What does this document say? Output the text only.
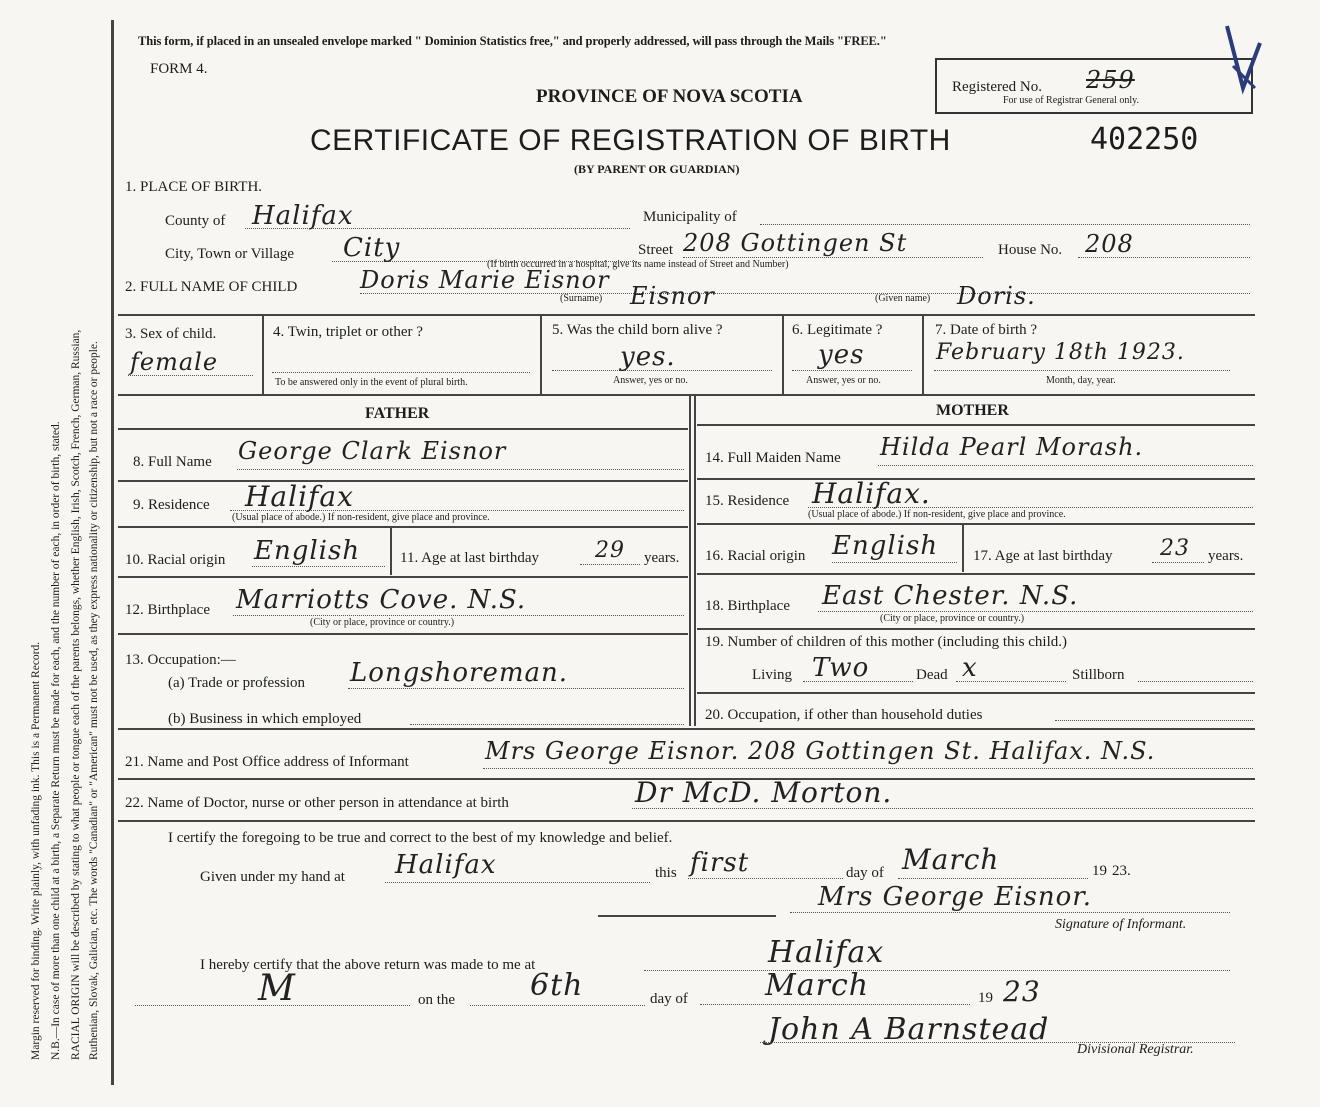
Margin reserved for binding. Write plainly, with unfading ink. This is a Permanent Record. N.B.—In case of more than one child at a birth, a Separate Return must be made for each, and the number of each, in order of birth, stated. RACIAL ORIGIN will be described by stating to what people or tongue each of the parents belongs, whether English, Irish, Scotch, French, German, Russian, Ruthenian, Slovak, Galician, etc. The words "Canadian" or "American" must not be used, as they express nationality or citizenship, but not a race or people.
This form, if placed in an unsealed envelope marked " Dominion Statistics free," and properly addressed, will pass through the Mails "FREE."
FORM 4.
PROVINCE OF NOVA SCOTIA
CERTIFICATE OF REGISTRATION OF BIRTH	402250
(BY PARENT OR GUARDIAN)
Registered No. 259
For use of Registrar General only.
1. PLACE OF BIRTH.
County of Halifax	Municipality of
City, Town or Village City	Street 208 Gottingen St	House No. 208
(If birth occurred in a hospital, give its name instead of Street and Number)
2. FULL NAME OF CHILD	Doris Marie Eisnor
(Surname) Eisnor	(Given name) Doris.
3. Sex of child.
female
4. Twin, triplet or other ?
To be answered only in the event of plural birth.
5. Was the child born alive ?
yes.
Answer, yes or no.
6. Legitimate ?
yes
Answer, yes or no.
7. Date of birth ?
February 18th 1923.
Month, day, year.
FATHER	MOTHER
8. Full Name George Clark Eisnor
9. Residence Halifax
(Usual place of abode.) If non-resident, give place and province.
10. Racial origin English	11. Age at last birthday	29 years.
12. Birthplace Marriotts Cove. N.S.
(City or place, province or country.)
13. Occupation:—
(a) Trade or profession Longshoreman.
(b) Business in which employed
14. Full Maiden Name Hilda Pearl Morash.
15. Residence Halifax.
(Usual place of abode.) If non-resident, give place and province.
16. Racial origin English 17. Age at last birthday 23 years.
18. Birthplace East Chester. N.S.
(City or place, province or country.)
19. Number of children of this mother (including this child.)
Living Two	Dead x	Stillborn
20. Occupation, if other than household duties
21. Name and Post Office address of Informant	Mrs George Eisnor. 208 Gottingen St. Halifax. N.S.
22. Name of Doctor, nurse or other person in attendance at birth	Dr McD. Morton.
I certify the foregoing to be true and correct to the best of my knowledge and belief.
Given under my hand at Halifax	this first	day of March	19 23.
Mrs George Eisnor.
Signature of Informant.
I hereby certify that the above return was made to me at	Halifax
M	on the 6th	day of	March	19 23
John A Barnstead
Divisional Registrar.
